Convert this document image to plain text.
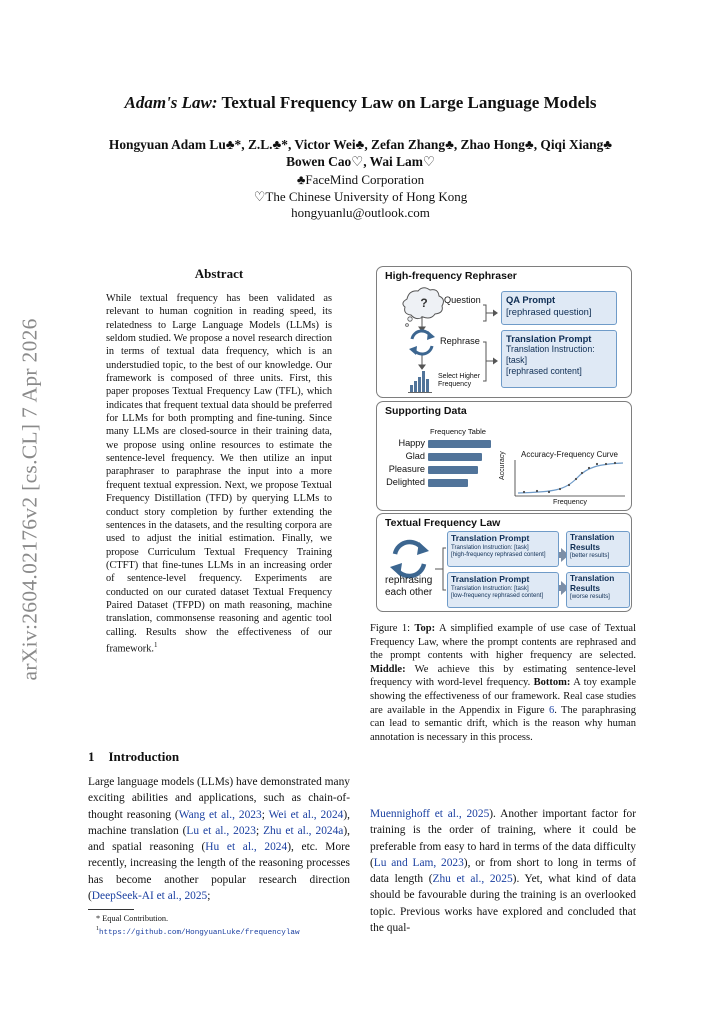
arXiv:2604.02176v2 [cs.CL] 7 Apr 2026
Adam's Law: Textual Frequency Law on Large Language Models
Hongyuan Adam Lu♣*, Z.L.♣*, Victor Wei♣, Zefan Zhang♣, Zhao Hong♣, Qiqi Xiang♣
Bowen Cao♡, Wai Lam♡
♣FaceMind Corporation
♡The Chinese University of Hong Kong
hongyuanlu@outlook.com
Abstract

While textual frequency has been validated as relevant to human cognition in reading speed, its relatedness to Large Language Models (LLMs) is seldom studied. We propose a novel research direction in terms of textual data frequency, which is an understudied topic, to the best of our knowledge. Our framework is composed of three units. First, this paper proposes Textual Frequency Law (TFL), which indicates that frequent textual data should be preferred for LLMs for both prompting and fine-tuning. Since many LLMs are closed-source in their training data, we propose using online resources to estimate the sentence-level frequency. We then utilize an input paraphraser to paraphrase the input into a more frequent textual expression. Next, we propose Textual Frequency Distillation (TFD) by querying LLMs to conduct story completion by further extending the sentences in the datasets, and the resulting corpora are used to adjust the initial estimation. Finally, we propose Curriculum Textual Frequency Training (CTFT) that fine-tunes LLMs in an increasing order of sentence-level frequency. Experiments are conducted on our curated dataset Textual Frequency Paired Dataset (TFPD) on math reasoning, machine translation, commonsense reasoning and agentic tool calling. Results show the effectiveness of our framework.$^1$

1 Introduction
Large language models (LLMs) have demonstrated many exciting abilities and applications, such as chain-of-thought reasoning (Wang et al., 2023; Wei et al., 2024), machine translation (Lu et al., 2023; Zhu et al., 2024a), and spatial reasoning (Hu et al., 2024), etc. More recently, increasing the length of the reasoning processes has become another popular research direction (DeepSeek-AI et al., 2025;
Muennighoff et al., 2025). Another important factor for training is the order of training, where it could be preferable from easy to hard in terms of the data difficulty (Lu and Lam, 2023), or from short to long in terms of data length (Zhu et al., 2025). Yet, what kind of data should be favourable during the training is an overlooked topic. Previous works have explored and concluded that the qual-
* Equal Contribution.
$^1$https://github.com/HongyuanLuke/frequencylaw
Figure 1: Top: A simplified example of use case of Textual Frequency Law, where the prompt contents are rephrased and the prompt contents with higher frequency are selected. Middle: We achieve this by estimating sentence-level frequency with word-level frequency. Bottom: A toy example showing the effectiveness of our framework. Real case studies are available in the Appendix in Figure 6. The paraphrasing can lead to semantic drift, which is the reason why human annotation is necessary in this process.
High-frequency Rephraser
? Question
Rephrase
Select Higher
Frequency
QA Prompt
[rephrased question]
Translation Prompt
Translation Instruction:
[task]
[rephrased content]
Supporting Data
Frequency Table
Happy
Glad
Pleasure
Delighted
Accuracy-Frequency Curve
Accuracy
Frequency
Textual Frequency Law
rephrasing
each other
Translation Prompt
Translation Instruction: [task]
[high-frequency rephrased content]
Translation Prompt
Translation Instruction: [task]
[low-frequency rephrased content]
Translation
Results
[better results]
Translation
Results
[worse results]
